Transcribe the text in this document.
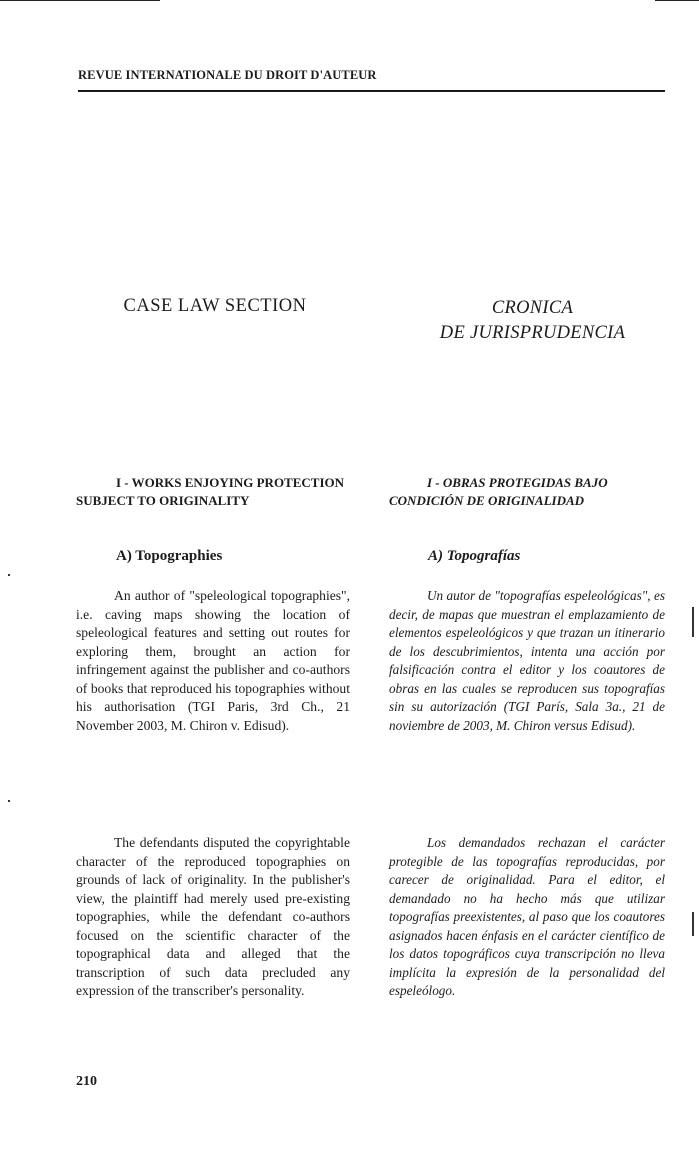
REVUE INTERNATIONALE DU DROIT D'AUTEUR
CASE LAW SECTION	CRONICA
DE JURISPRUDENCIA
I - WORKS ENJOYING PROTECTION
SUBJECT TO ORIGINALITY
I - OBRAS PROTEGIDAS BAJO
CONDICIÓN DE ORIGINALIDAD
A) Topographies	A) Topografías

An author of "speleological topographies", i.e. caving maps showing the location of speleological features and setting out routes for exploring them, brought an action for infringement against the publisher and co-authors of books that reproduced his topographies without his authorisation (TGI Paris, 3rd Ch., 21 November 2003, M. Chiron v. Edisud).

Un autor de "topografías espeleológicas", es decir, de mapas que muestran el emplazamiento de elementos espeleológicos y que trazan un itinerario de los descubrimientos, intenta una acción por falsificación contra el editor y los coautores de obras en las cuales se reproducen sus topografías sin su autorización (TGI París, Sala 3a., 21 de noviembre de 2003, M. Chiron versus Edisud).

The defendants disputed the copyrightable character of the reproduced topographies on grounds of lack of originality. In the publisher's view, the plaintiff had merely used pre-existing topographies, while the defendant co-authors focused on the scientific character of the topographical data and alleged that the transcription of such data precluded any expression of the transcriber's personality.

Los demandados rechazan el carácter protegible de las topografías reproducidas, por carecer de originalidad. Para el editor, el demandado no ha hecho más que utilizar topografías preexistentes, al paso que los coautores asignados hacen énfasis en el carácter científico de los datos topográficos cuya transcripción no lleva implícita la expresión de la personalidad del espeleólogo.

210
